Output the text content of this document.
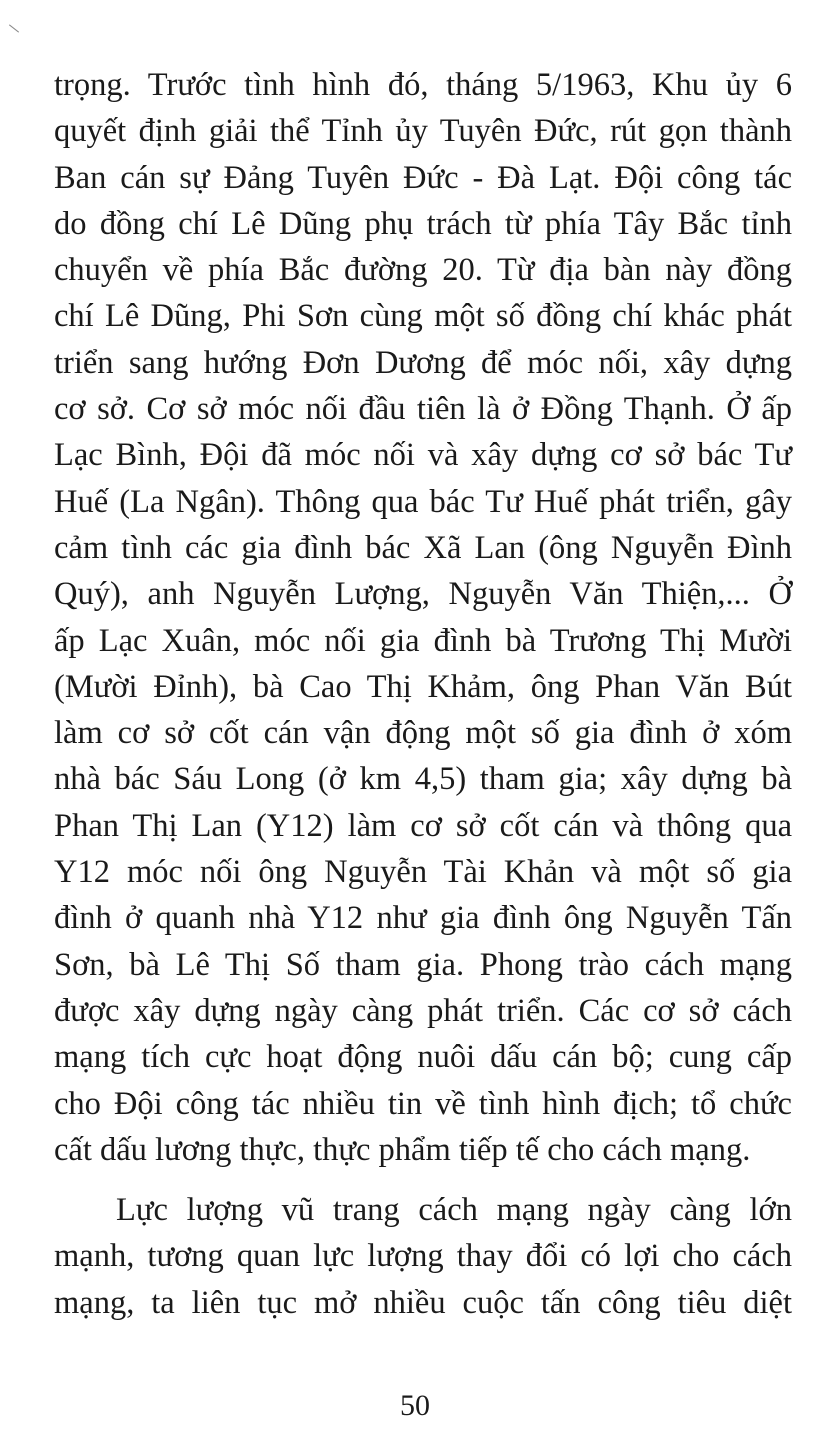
trọng. Trước tình hình đó, tháng 5/1963, Khu ủy 6
quyết định giải thể Tỉnh ủy Tuyên Đức, rút gọn thành
Ban cán sự Đảng Tuyên Đức - Đà Lạt. Đội công tác
do đồng chí Lê Dũng phụ trách từ phía Tây Bắc tỉnh
chuyển về phía Bắc đường 20. Từ địa bàn này đồng
chí Lê Dũng, Phi Sơn cùng một số đồng chí khác phát
triển sang hướng Đơn Dương để móc nối, xây dựng
cơ sở. Cơ sở móc nối đầu tiên là ở Đồng Thạnh. Ở ấp
Lạc Bình, Đội đã móc nối và xây dựng cơ sở bác Tư
Huế (La Ngân). Thông qua bác Tư Huế phát triển, gây
cảm tình các gia đình bác Xã Lan (ông Nguyễn Đình
Quý), anh Nguyễn Lượng, Nguyễn Văn Thiện,... Ở
ấp Lạc Xuân, móc nối gia đình bà Trương Thị Mười
(Mười Đỉnh), bà Cao Thị Khảm, ông Phan Văn Bút
làm cơ sở cốt cán vận động một số gia đình ở xóm
nhà bác Sáu Long (ở km 4,5) tham gia; xây dựng bà
Phan Thị Lan (Y12) làm cơ sở cốt cán và thông qua
Y12 móc nối ông Nguyễn Tài Khản và một số gia
đình ở quanh nhà Y12 như gia đình ông Nguyễn Tấn
Sơn, bà Lê Thị Số tham gia. Phong trào cách mạng
được xây dựng ngày càng phát triển. Các cơ sở cách
mạng tích cực hoạt động nuôi dấu cán bộ; cung cấp
cho Đội công tác nhiều tin về tình hình địch; tổ chức
cất dấu lương thực, thực phẩm tiếp tế cho cách mạng.

Lực lượng vũ trang cách mạng ngày càng lớn
mạnh, tương quan lực lượng thay đổi có lợi cho cách
mạng, ta liên tục mở nhiều cuộc tấn công tiêu diệt

50
